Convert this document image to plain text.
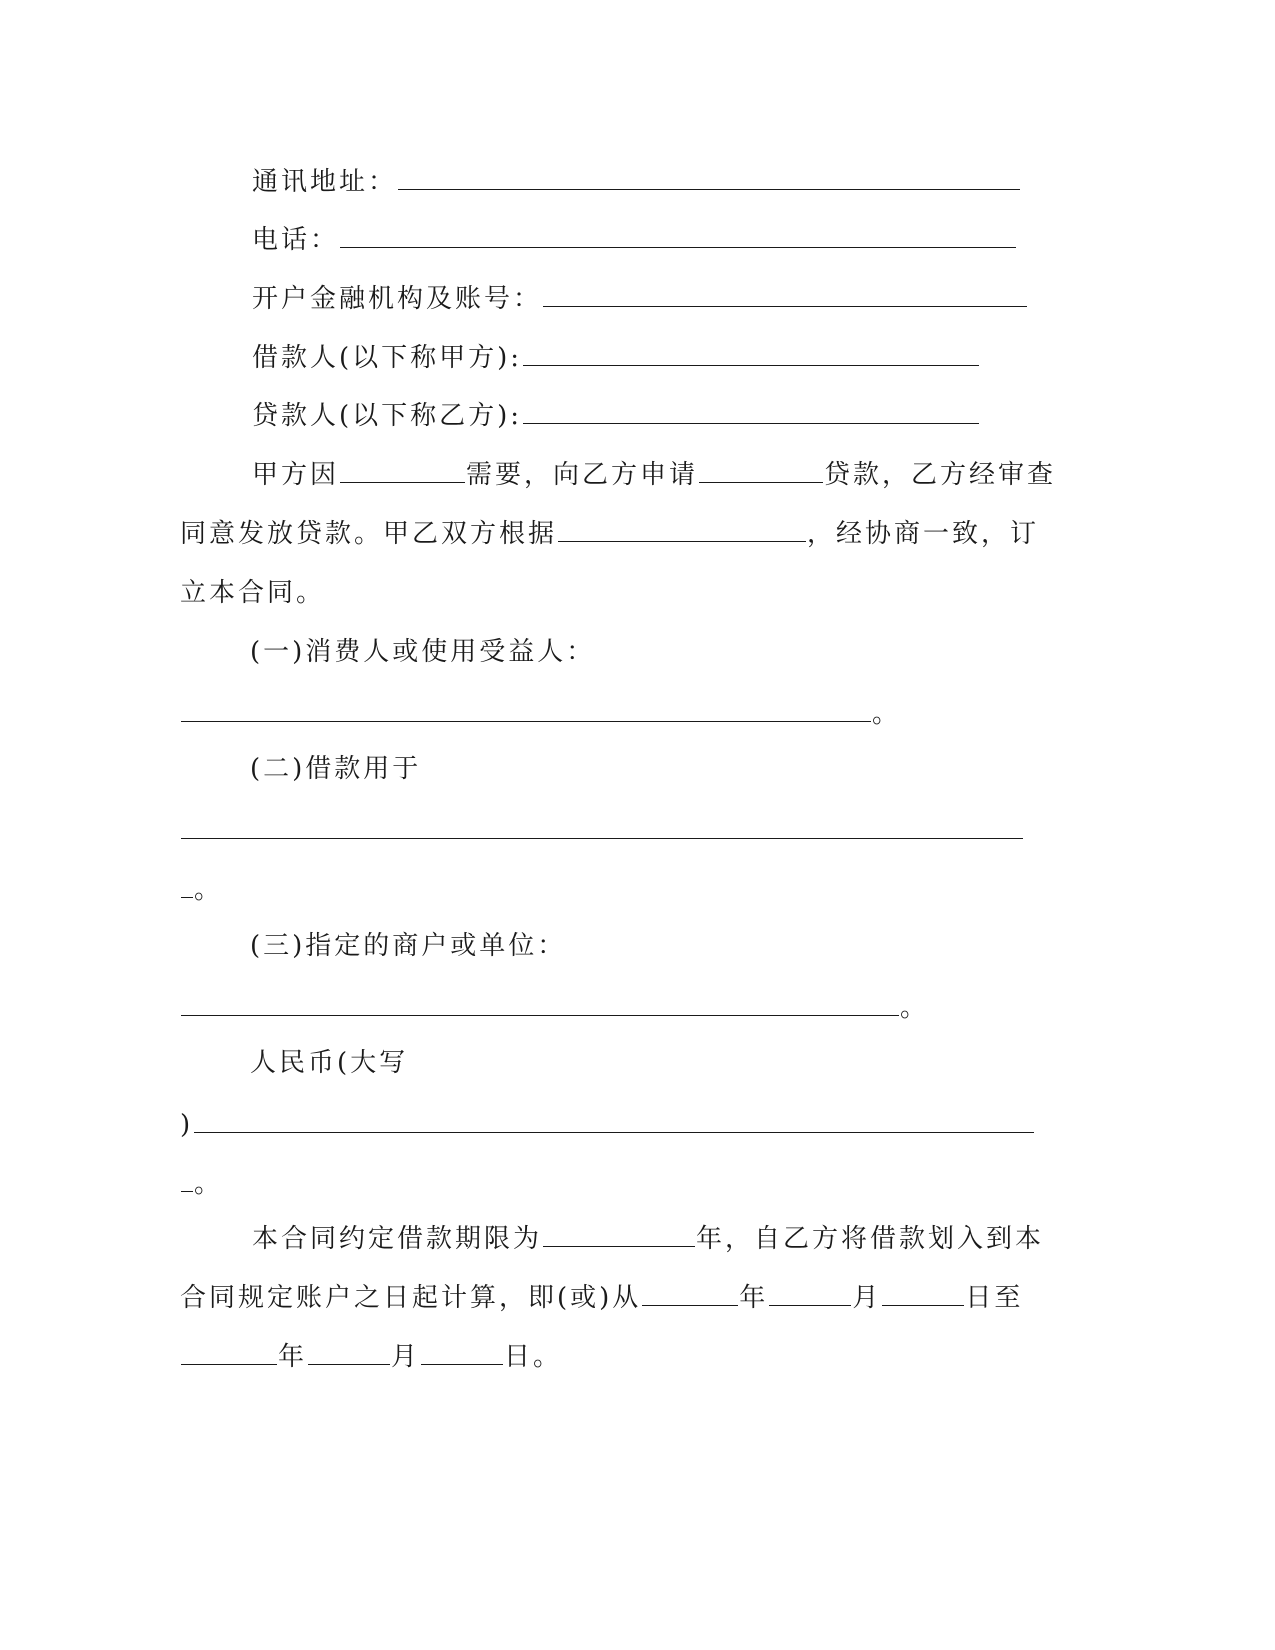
通讯地址：
电话：
开户金融机构及账号：
借款人(以下称甲方):
贷款人(以下称乙方):
甲方因	需要，向乙方申请	贷款，乙方经审查
同意发放贷款。甲乙双方根据	，经协商一致，订
立本合同。
(一)消费人或使用受益人：
。
(二)借款用于
。
(三)指定的商户或单位：
。
人民币(大写
)
。
本合同约定借款期限为	年，自乙方将借款划入到本
合同规定账户之日起计算，即(或)从	年	月	日至
年	月	日。
